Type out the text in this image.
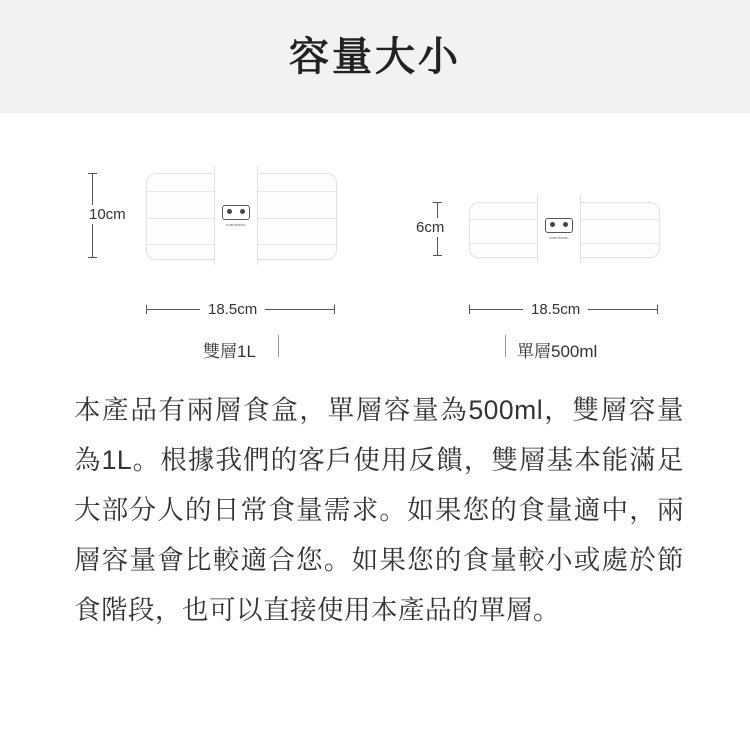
容量大小
mambatto
10cm
18.5cm
雙層1L
mambatto
6cm
18.5cm
單層500ml
本產品有兩層食盒，單層容量為500ml，雙層容量為1L。根據我們的客戶使用反饋，雙層基本能滿足大部分人的日常食量需求。如果您的食量適中，兩層容量會比較適合您。如果您的食量較小或處於節食階段，也可以直接使用本產品的單層。
